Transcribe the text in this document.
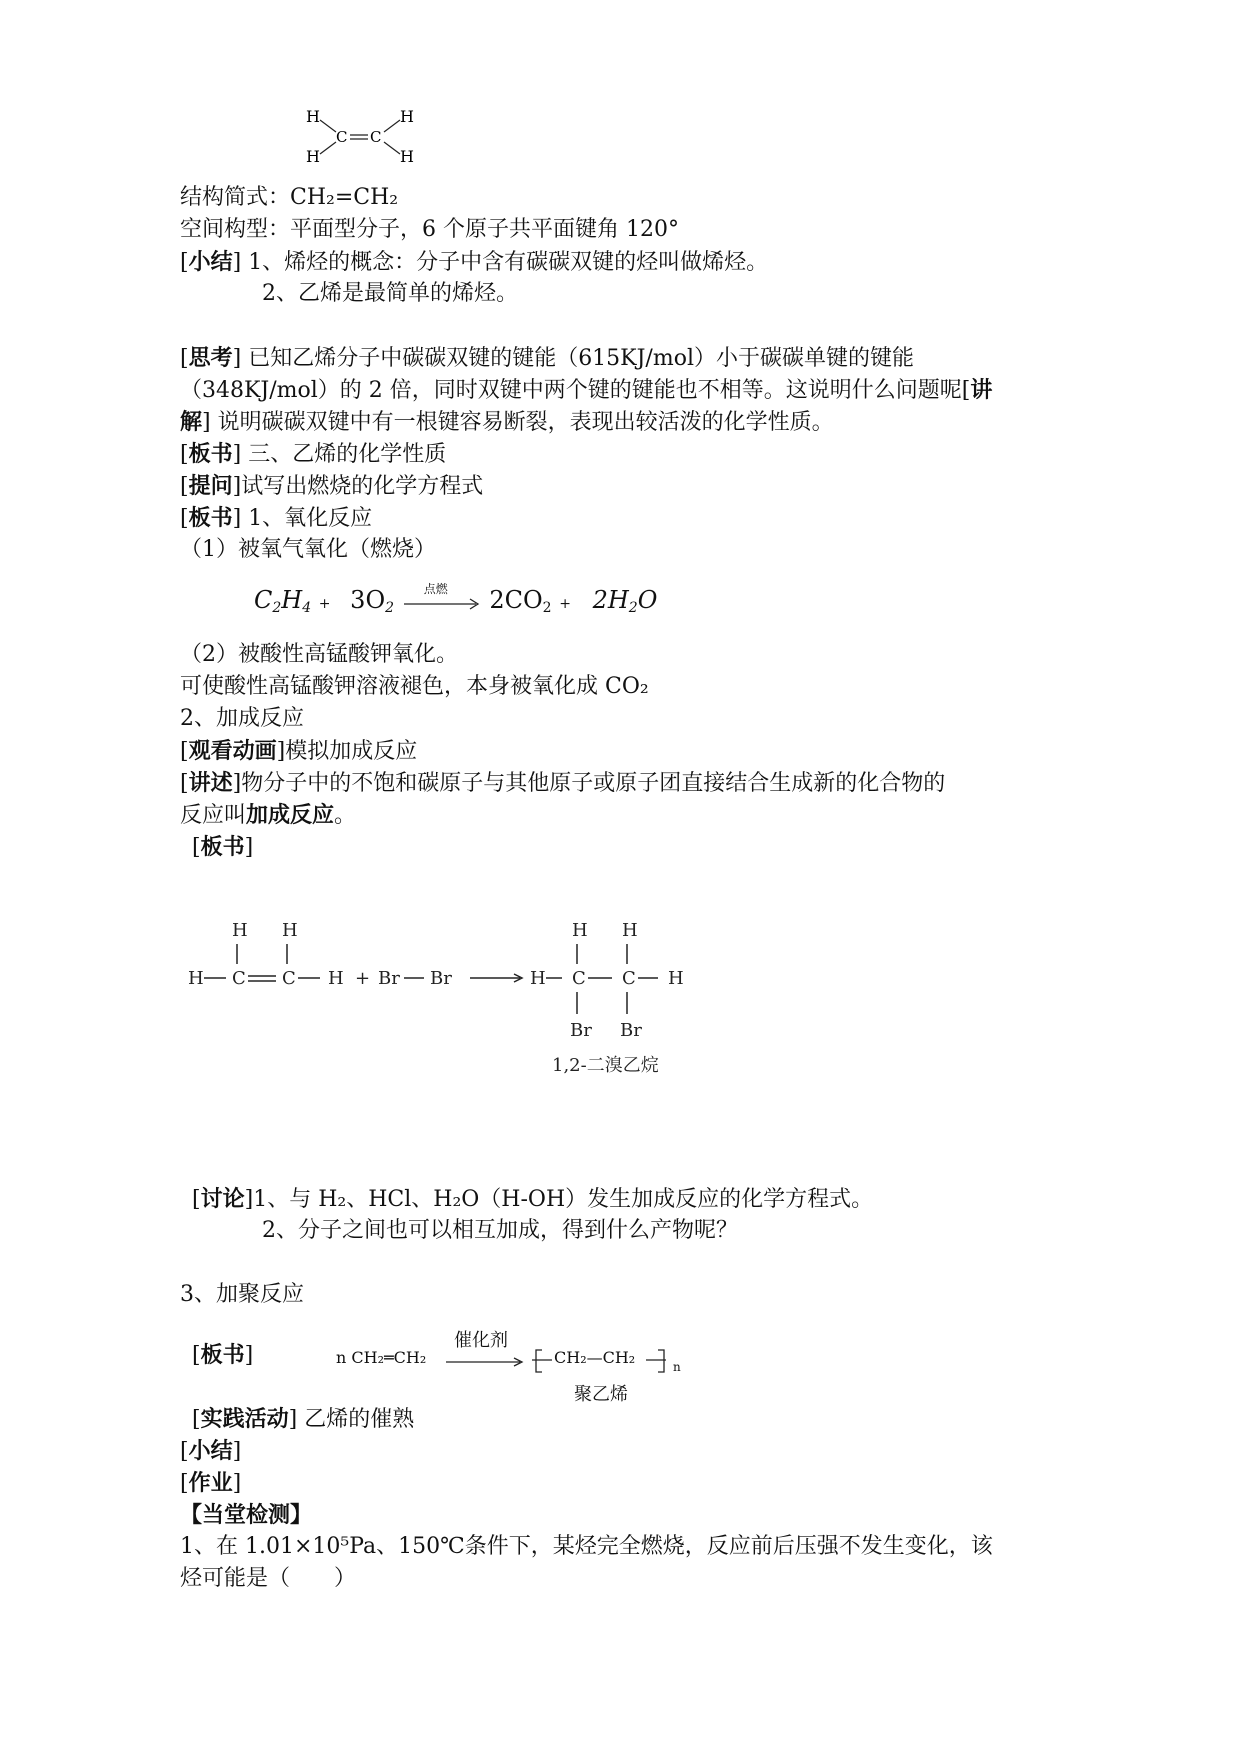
H	H
C C
H	H
结构简式：CH₂=CH₂
空间构型：平面型分子，6 个原子共平面键角 120°
[小结] 1、烯烃的概念：分子中含有碳碳双键的烃叫做烯烃。
2、乙烯是最简单的烯烃。
[思考] 已知乙烯分子中碳碳双键的键能（615KJ/mol）小于碳碳单键的键能
（348KJ/mol）的 2 倍，同时双键中两个键的键能也不相等。这说明什么问题呢[讲
解] 说明碳碳双键中有一根键容易断裂，表现出较活泼的化学性质。
[板书] 三、乙烯的化学性质
[提问]试写出燃烧的化学方程式
[板书] 1、氧化反应
（1）被氧气氧化（燃烧）
$C_2H_4 + 3O_2$
点燃 $2CO_2 + 2H_2O$
（2）被酸性高锰酸钾氧化。
可使酸性高锰酸钾溶液褪色，本身被氧化成 CO₂
2、加成反应
[观看动画]模拟加成反应
[讲述]物分子中的不饱和碳原子与其他原子或原子团直接结合生成新的化合物的
反应叫加成反应。
[板书]
H H
H C C H + Br Br	H
H
C
H
C H
Br Br
1,2-二溴乙烷
[讨论]1、与 H₂、HCl、H₂O（H-OH）发生加成反应的化学方程式。
2、分子之间也可以相互加成，得到什么产物呢？
3、加聚反应
[板书]	n CH₂═CH₂
催化剂
CH₂—CH₂	n
聚乙烯
[实践活动] 乙烯的催熟
[小结]
[作业]
【当堂检测】
1、在 1.01×10⁵Pa、150℃条件下，某烃完全燃烧，反应前后压强不发生变化，该
烃可能是（　　）
